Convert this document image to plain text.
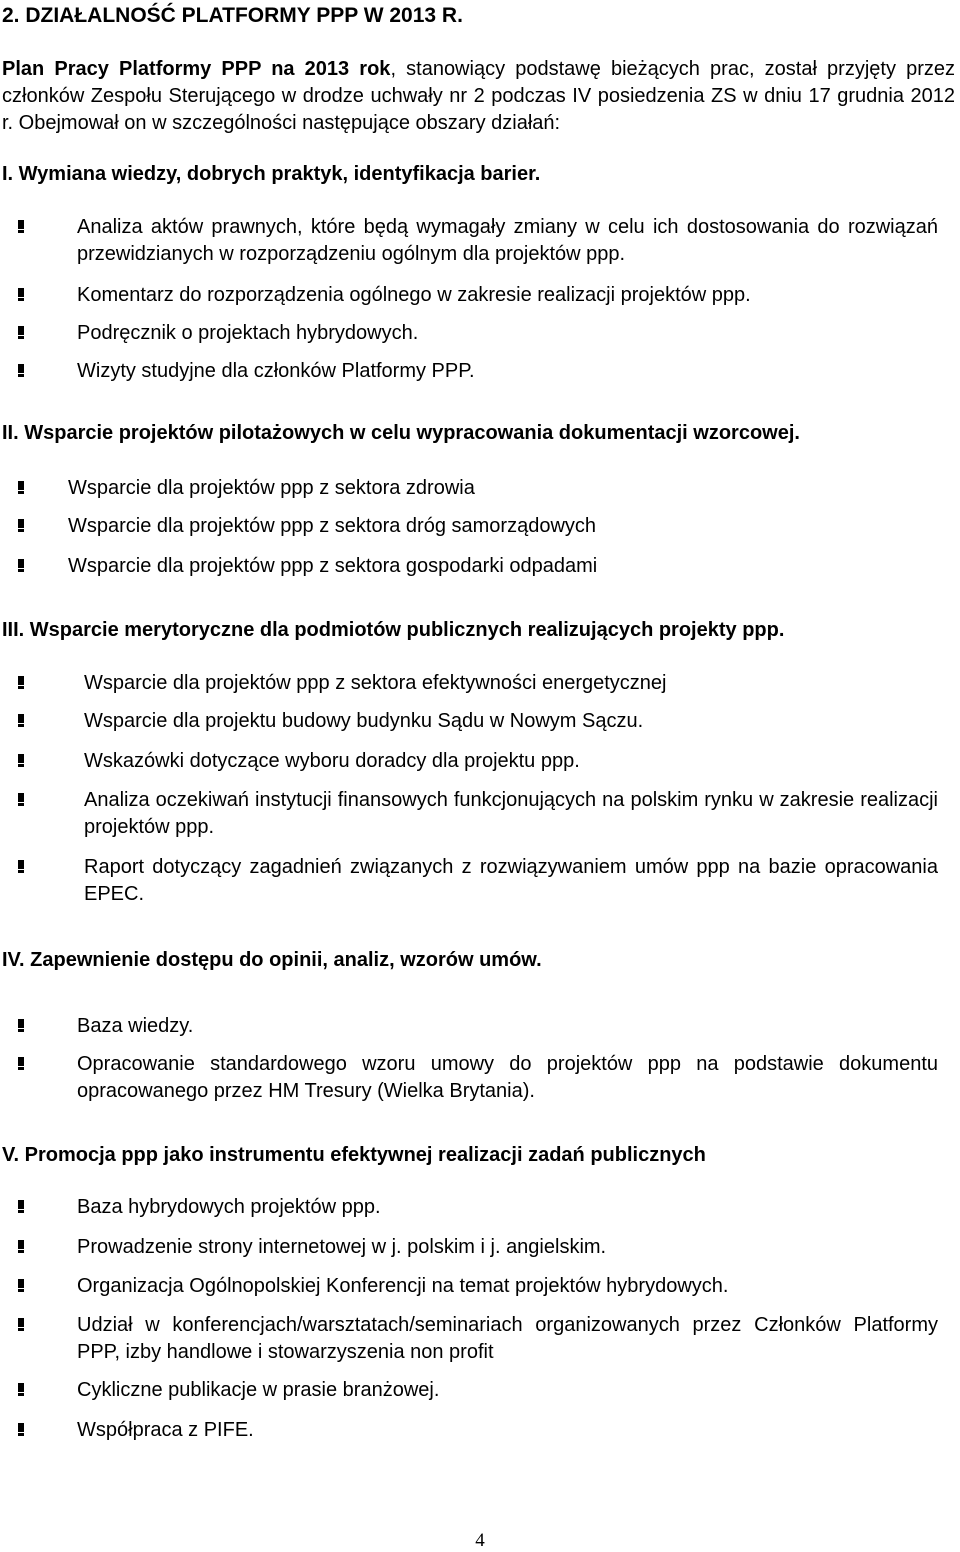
2. DZIAŁALNOŚĆ PLATFORMY PPP W 2013 R.

Plan Pracy Platformy PPP na 2013 rok, stanowiący podstawę bieżących prac, został przyjęty przez członków Zespołu Sterującego w drodze uchwały nr 2 podczas IV posiedzenia ZS w dniu 17 grudnia 2012 r. Obejmował on w szczególności następujące obszary działań:

I. Wymiana wiedzy, dobrych praktyk, identyfikacja barier.
Analiza aktów prawnych, które będą wymagały zmiany w celu ich dostosowania do rozwiązań przewidzianych w rozporządzeniu ogólnym dla projektów ppp.
Komentarz do rozporządzenia ogólnego w zakresie realizacji projektów ppp.
Podręcznik o projektach hybrydowych.
Wizyty studyjne dla członków Platformy PPP.
II. Wsparcie projektów pilotażowych w celu wypracowania dokumentacji wzorcowej.
Wsparcie dla projektów ppp z sektora zdrowia
Wsparcie dla projektów ppp z sektora dróg samorządowych
Wsparcie dla projektów ppp z sektora gospodarki odpadami
III. Wsparcie merytoryczne dla podmiotów publicznych realizujących projekty ppp.
Wsparcie dla projektów ppp z sektora efektywności energetycznej
Wsparcie dla projektu budowy budynku Sądu w Nowym Sączu.
Wskazówki dotyczące wyboru doradcy dla projektu ppp.
Analiza oczekiwań instytucji finansowych funkcjonujących na polskim rynku w zakresie realizacji projektów ppp.
Raport dotyczący zagadnień związanych z rozwiązywaniem umów ppp na bazie opracowania EPEC.
IV. Zapewnienie dostępu do opinii, analiz, wzorów umów.
Baza wiedzy.
Opracowanie standardowego wzoru umowy do projektów ppp na podstawie dokumentu opracowanego przez HM Tresury (Wielka Brytania).
V. Promocja ppp jako instrumentu efektywnej realizacji zadań publicznych
Baza hybrydowych projektów ppp.
Prowadzenie strony internetowej w j. polskim i j. angielskim.
Organizacja Ogólnopolskiej Konferencji na temat projektów hybrydowych.
Udział w konferencjach/warsztatach/seminariach organizowanych przez Członków Platformy PPP, izby handlowe i stowarzyszenia non profit
Cykliczne publikacje w prasie branżowej.
Współpraca z PIFE.
4
